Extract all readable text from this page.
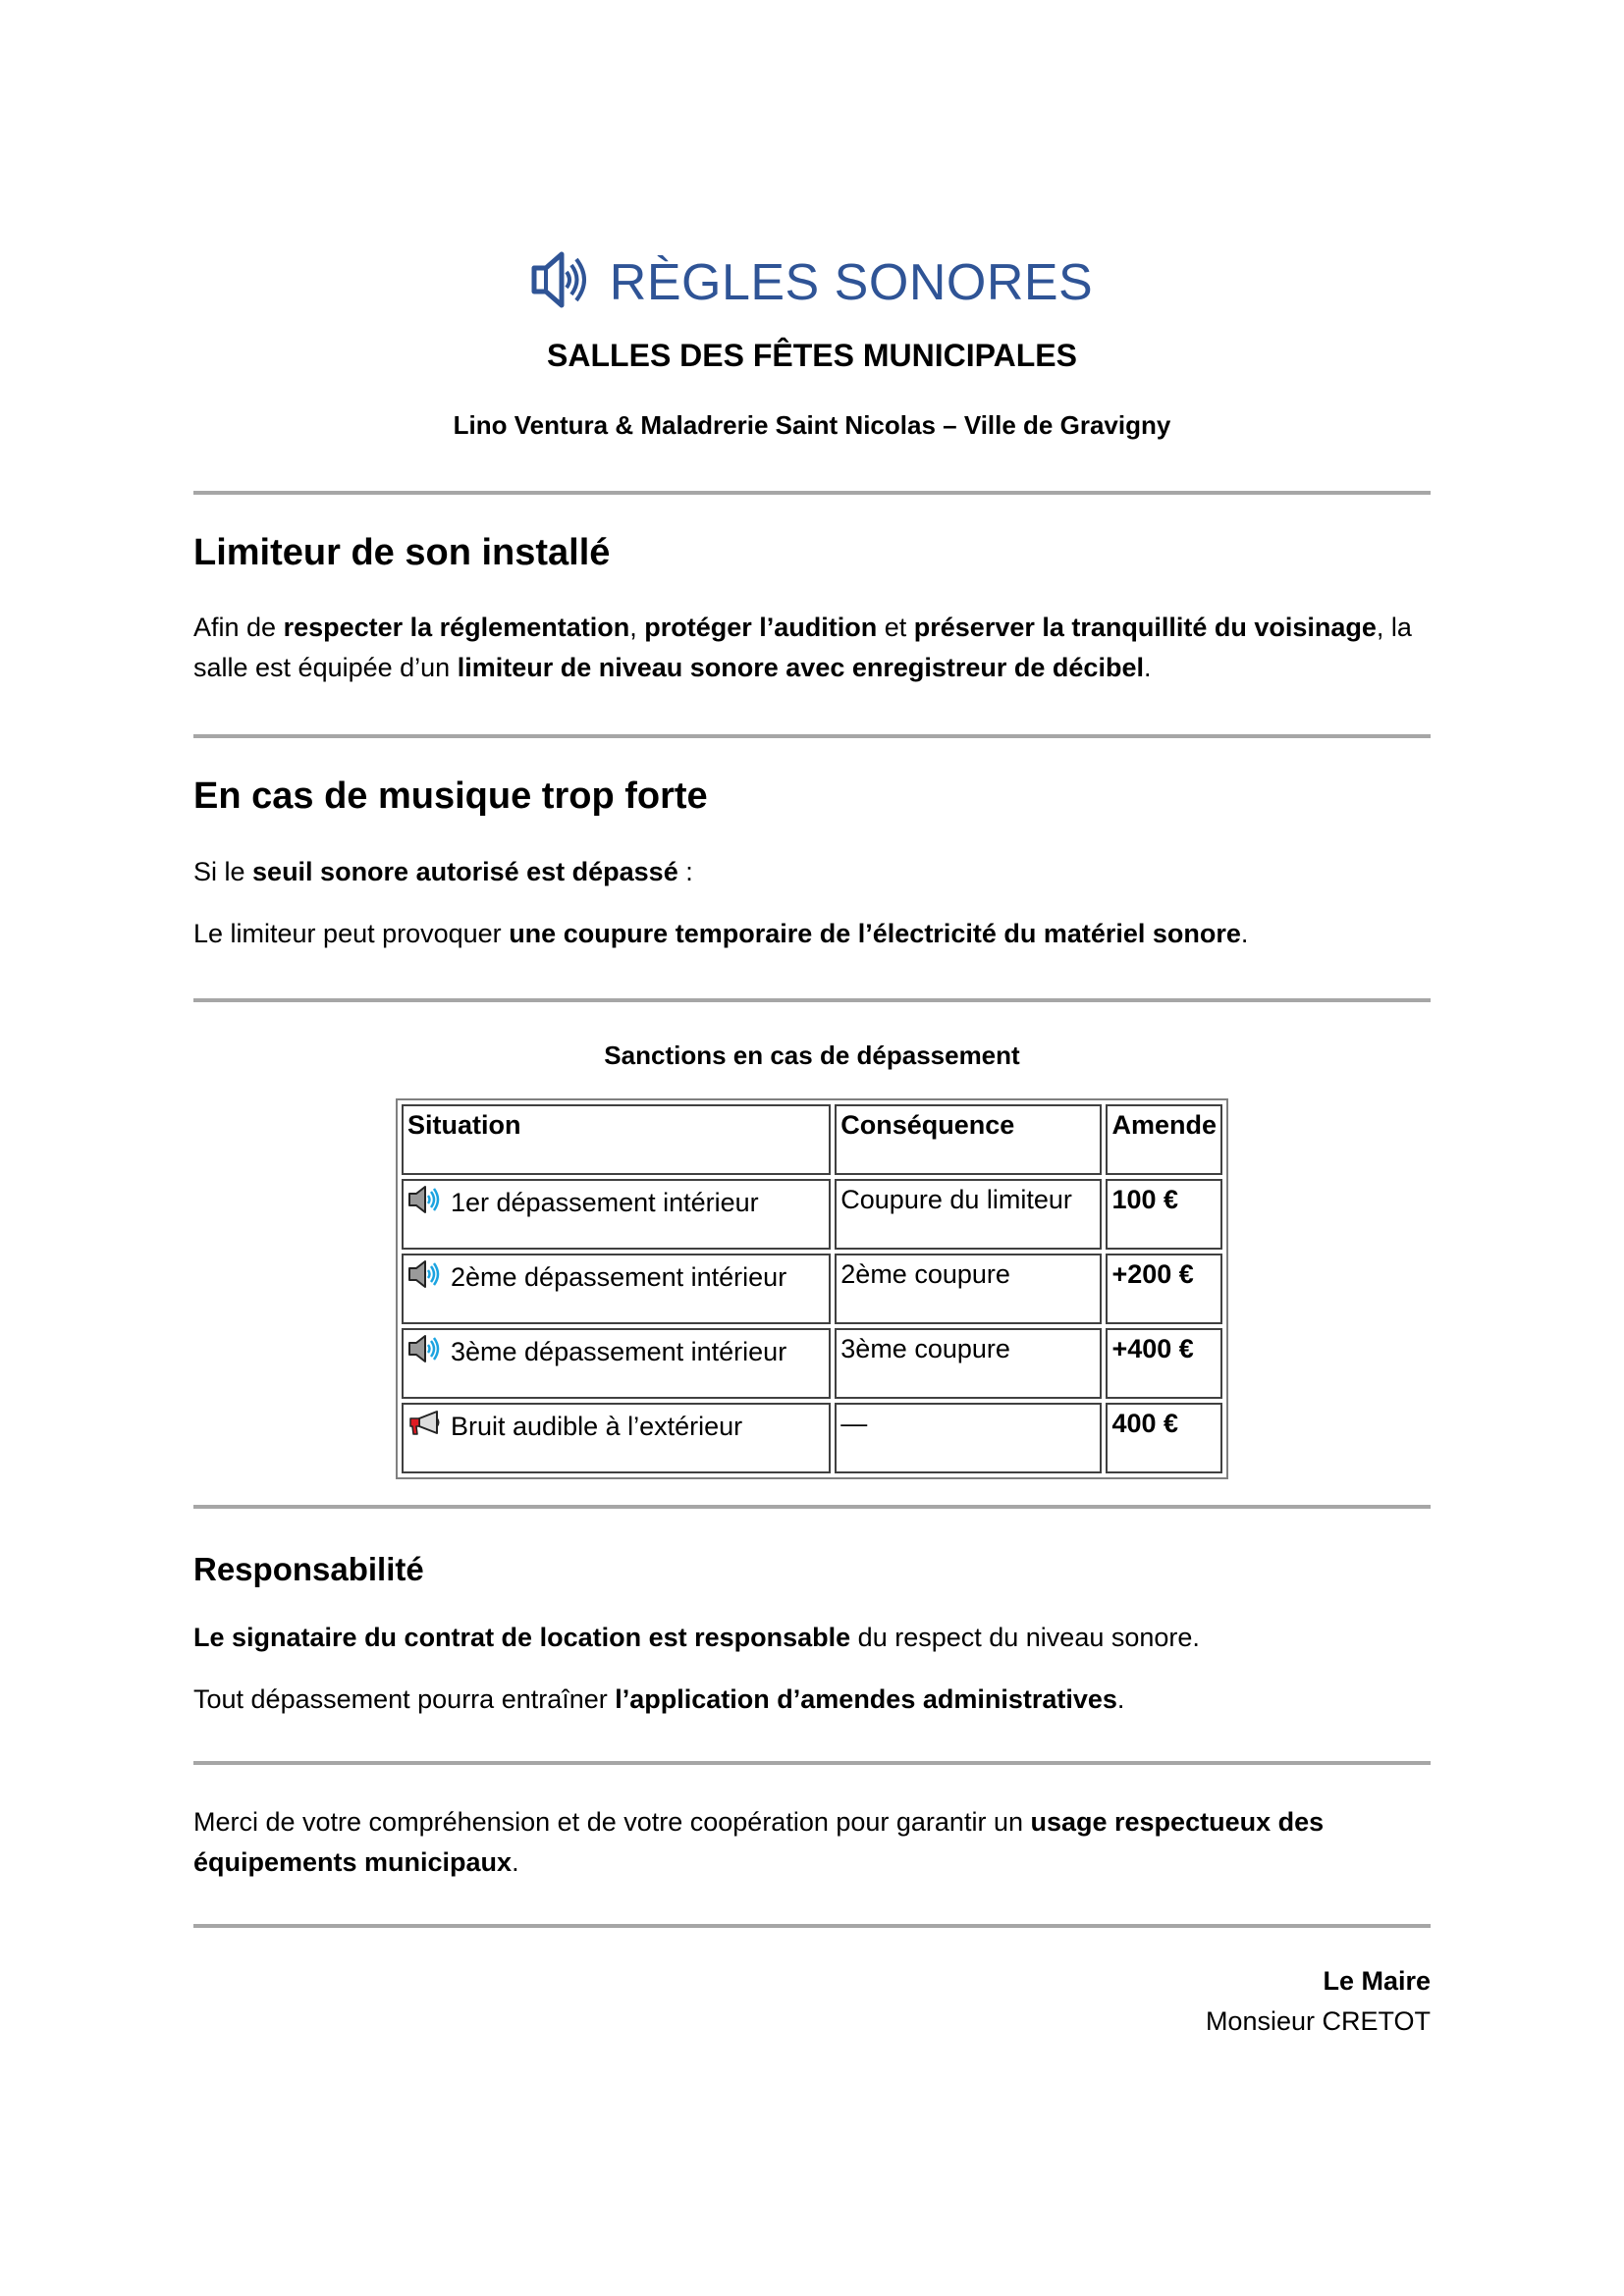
RÈGLES SONORES
SALLES DES FÊTES MUNICIPALES
Lino Ventura & Maladrerie Saint Nicolas – Ville de Gravigny
Limiteur de son installé
Afin de respecter la réglementation, protéger l’audition et préserver la tranquillité du voisinage, la salle est équipée d’un limiteur de niveau sonore avec enregistreur de décibel.
En cas de musique trop forte
Si le seuil sonore autorisé est dépassé :
Le limiteur peut provoquer une coupure temporaire de l’électricité du matériel sonore.
Sanctions en cas de dépassement
Situation	Conséquence	Amende

1er dépassement intérieur	Coupure du limiteur	100 €

2ème dépassement intérieur	2ème coupure	+200 €

3ème dépassement intérieur	3ème coupure	+400 €

Bruit audible à l’extérieur	—	400 €
Responsabilité
Le signataire du contrat de location est responsable du respect du niveau sonore.
Tout dépassement pourra entraîner l’application d’amendes administratives.
Merci de votre compréhension et de votre coopération pour garantir un usage respectueux des équipements municipaux.
Le Maire
Monsieur CRETOT
